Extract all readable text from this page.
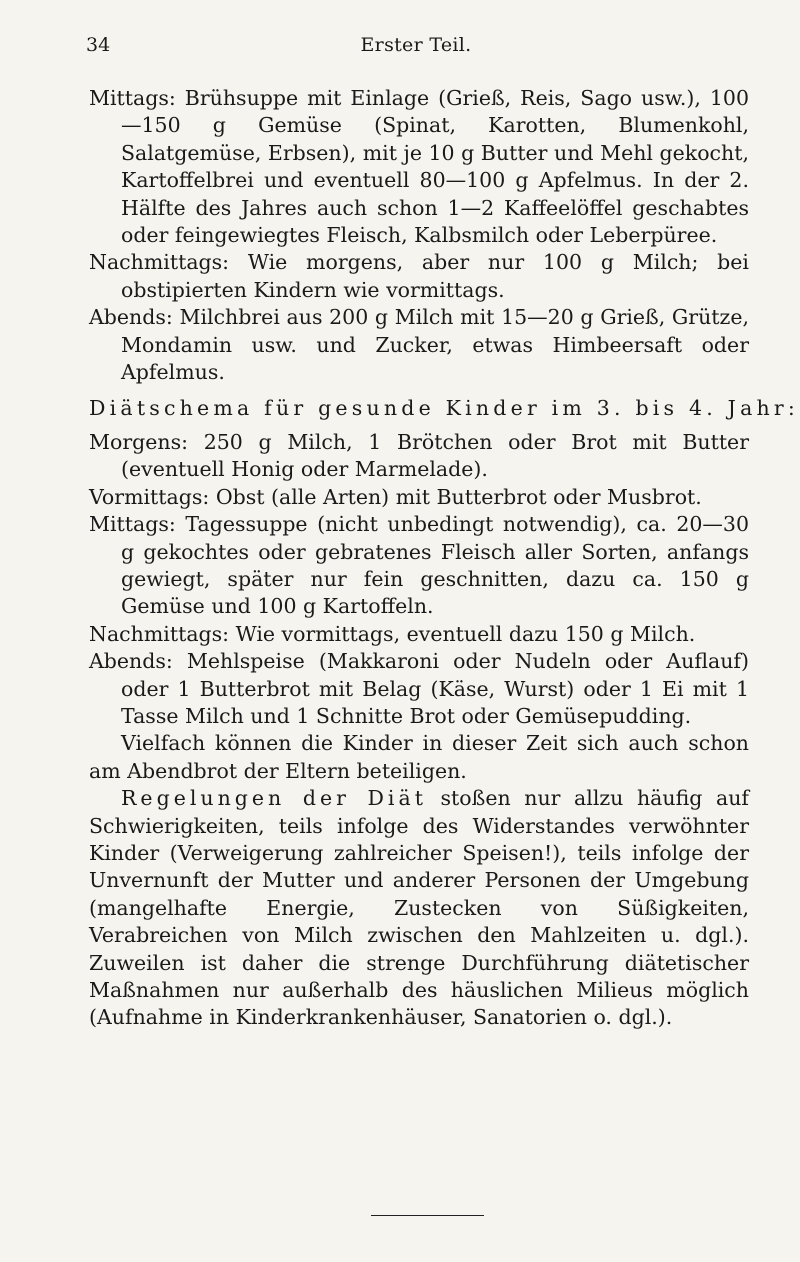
34	Erster Teil.

Mittags: Brühsuppe mit Einlage (Grieß, Reis, Sago usw.), 100—150 g Gemüse (Spinat, Karotten, Blumenkohl, Salatgemüse, Erbsen), mit je 10 g Butter und Mehl gekocht, Kartoffelbrei und eventuell 80—100 g Apfelmus. In der 2. Hälfte des Jahres auch schon 1—2 Kaffeelöffel geschabtes oder feingewiegtes Fleisch, Kalbsmilch oder Leberpüree.

Nachmittags: Wie morgens, aber nur 100 g Milch; bei obstipierten Kindern wie vormittags.

Abends: Milchbrei aus 200 g Milch mit 15—20 g Grieß, Grütze, Mondamin usw. und Zucker, etwas Himbeersaft oder Apfelmus.

Diätschema für gesunde Kinder im 3. bis 4. Jahr:

Morgens: 250 g Milch, 1 Brötchen oder Brot mit Butter (eventuell Honig oder Marmelade).

Vormittags: Obst (alle Arten) mit Butterbrot oder Musbrot.

Mittags: Tagessuppe (nicht unbedingt notwendig), ca. 20—30 g gekochtes oder gebratenes Fleisch aller Sorten, anfangs gewiegt, später nur fein geschnitten, dazu ca. 150 g Gemüse und 100 g Kartoffeln.

Nachmittags: Wie vormittags, eventuell dazu 150 g Milch.

Abends: Mehlspeise (Makkaroni oder Nudeln oder Auflauf) oder 1 Butterbrot mit Belag (Käse, Wurst) oder 1 Ei mit 1 Tasse Milch und 1 Schnitte Brot oder Gemüsepudding.

Vielfach können die Kinder in dieser Zeit sich auch schon am Abendbrot der Eltern beteiligen.

Regelungen der Diät stoßen nur allzu häufig auf Schwierigkeiten, teils infolge des Widerstandes verwöhnter Kinder (Verweigerung zahlreicher Speisen!), teils infolge der Unvernunft der Mutter und anderer Personen der Umgebung (mangelhafte Energie, Zustecken von Süßigkeiten, Verabreichen von Milch zwischen den Mahlzeiten u. dgl.). Zuweilen ist daher die strenge Durchführung diätetischer Maßnahmen nur außerhalb des häuslichen Milieus möglich (Aufnahme in Kinderkrankenhäuser, Sanatorien o. dgl.).
